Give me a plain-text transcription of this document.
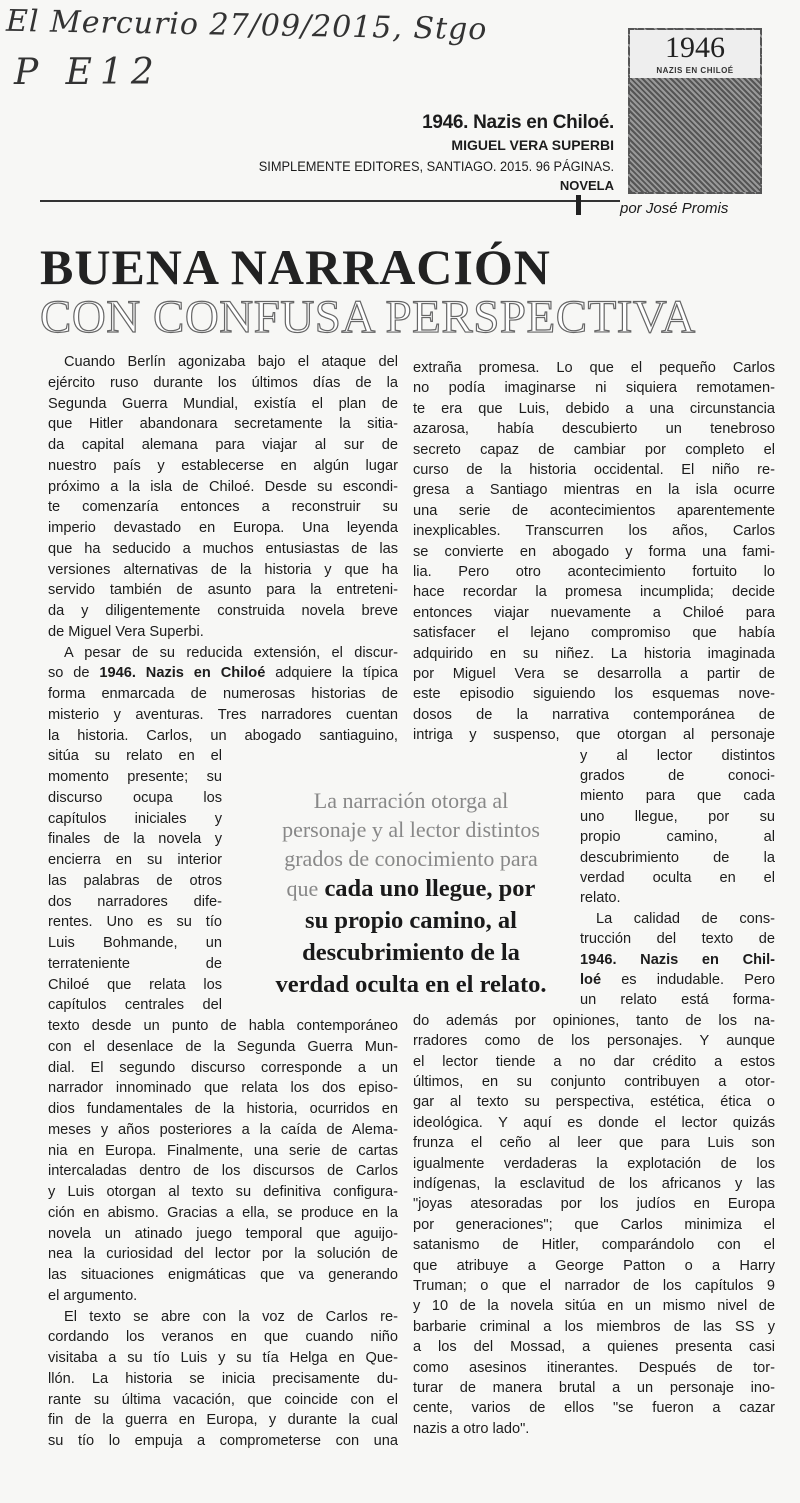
El Mercurio 27/09/2015, Stgo
P E12
1946
NAZIS EN CHILOÉ
1946. Nazis en Chiloé.
MIGUEL VERA SUPERBI
SIMPLEMENTE EDITORES, SANTIAGO. 2015. 96 PÁGINAS.
NOVELA
por José Promis
BUENA NARRACIÓN
CON CONFUSA PERSPECTIVA
La narración otorga al
personaje y al lector distintos
grados de conocimiento para
que cada uno llegue, por
su propio camino, al
descubrimiento de la
verdad oculta en el relato.
Cuando Berlín agonizaba bajo el ataque del
ejército ruso durante los últimos días de la
Segunda Guerra Mundial, existía el plan de
que Hitler abandonara secretamente la sitia-
da capital alemana para viajar al sur de
nuestro país y establecerse en algún lugar
próximo a la isla de Chiloé. Desde su escondi-
te comenzaría entonces a reconstruir su
imperio devastado en Europa. Una leyenda
que ha seducido a muchos entusiastas de las
versiones alternativas de la historia y que ha
servido también de asunto para la entreteni-
da y diligentemente construida novela breve
de Miguel Vera Superbi.
A pesar de su reducida extensión, el discur-
so de 1946. Nazis en Chiloé adquiere la típica
forma enmarcada de numerosas historias de
misterio y aventuras. Tres narradores cuentan
la historia. Carlos, un abogado santiaguino,
sitúa su relato en el
momento presente; su
discurso ocupa los
capítulos iniciales y
finales de la novela y
encierra en su interior
las palabras de otros
dos narradores dife-
rentes. Uno es su tío
Luis Bohmande, un
terrateniente de
Chiloé que relata los
capítulos centrales del
texto desde un punto de habla contemporáneo
con el desenlace de la Segunda Guerra Mun-
dial. El segundo discurso corresponde a un
narrador innominado que relata los dos episo-
dios fundamentales de la historia, ocurridos en
meses y años posteriores a la caída de Alema-
nia en Europa. Finalmente, una serie de cartas
intercaladas dentro de los discursos de Carlos
y Luis otorgan al texto su definitiva configura-
ción en abismo. Gracias a ella, se produce en la
novela un atinado juego temporal que aguijo-
nea la curiosidad del lector por la solución de
las situaciones enigmáticas que va generando
el argumento.
El texto se abre con la voz de Carlos re-
cordando los veranos en que cuando niño
visitaba a su tío Luis y su tía Helga en Que-
llón. La historia se inicia precisamente du-
rante su última vacación, que coincide con el
fin de la guerra en Europa, y durante la cual
su tío lo empuja a comprometerse con una
extraña promesa. Lo que el pequeño Carlos
no podía imaginarse ni siquiera remotamen-
te era que Luis, debido a una circunstancia
azarosa, había descubierto un tenebroso
secreto capaz de cambiar por completo el
curso de la historia occidental. El niño re-
gresa a Santiago mientras en la isla ocurre
una serie de acontecimientos aparentemente
inexplicables. Transcurren los años, Carlos
se convierte en abogado y forma una fami-
lia. Pero otro acontecimiento fortuito lo
hace recordar la promesa incumplida; decide
entonces viajar nuevamente a Chiloé para
satisfacer el lejano compromiso que había
adquirido en su niñez. La historia imaginada
por Miguel Vera se desarrolla a partir de
este episodio siguiendo los esquemas nove-
dosos de la narrativa contemporánea de
intriga y suspenso, que otorgan al personaje
y al lector distintos
grados de conoci-
miento para que cada
uno llegue, por su
propio camino, al
descubrimiento de la
verdad oculta en el
relato.
La calidad de cons-
trucción del texto de
1946. Nazis en Chil-
loé es indudable. Pero
un relato está forma-
do además por opiniones, tanto de los na-
rradores como de los personajes. Y aunque
el lector tiende a no dar crédito a estos
últimos, en su conjunto contribuyen a otor-
gar al texto su perspectiva, estética, ética o
ideológica. Y aquí es donde el lector quizás
frunza el ceño al leer que para Luis son
igualmente verdaderas la explotación de los
indígenas, la esclavitud de los africanos y las
"joyas atesoradas por los judíos en Europa
por generaciones"; que Carlos minimiza el
satanismo de Hitler, comparándolo con el
que atribuye a George Patton o a Harry
Truman; o que el narrador de los capítulos 9
y 10 de la novela sitúa en un mismo nivel de
barbarie criminal a los miembros de las SS y
a los del Mossad, a quienes presenta casi
como asesinos itinerantes. Después de tor-
turar de manera brutal a un personaje ino-
cente, varios de ellos "se fueron a cazar
nazis a otro lado".
